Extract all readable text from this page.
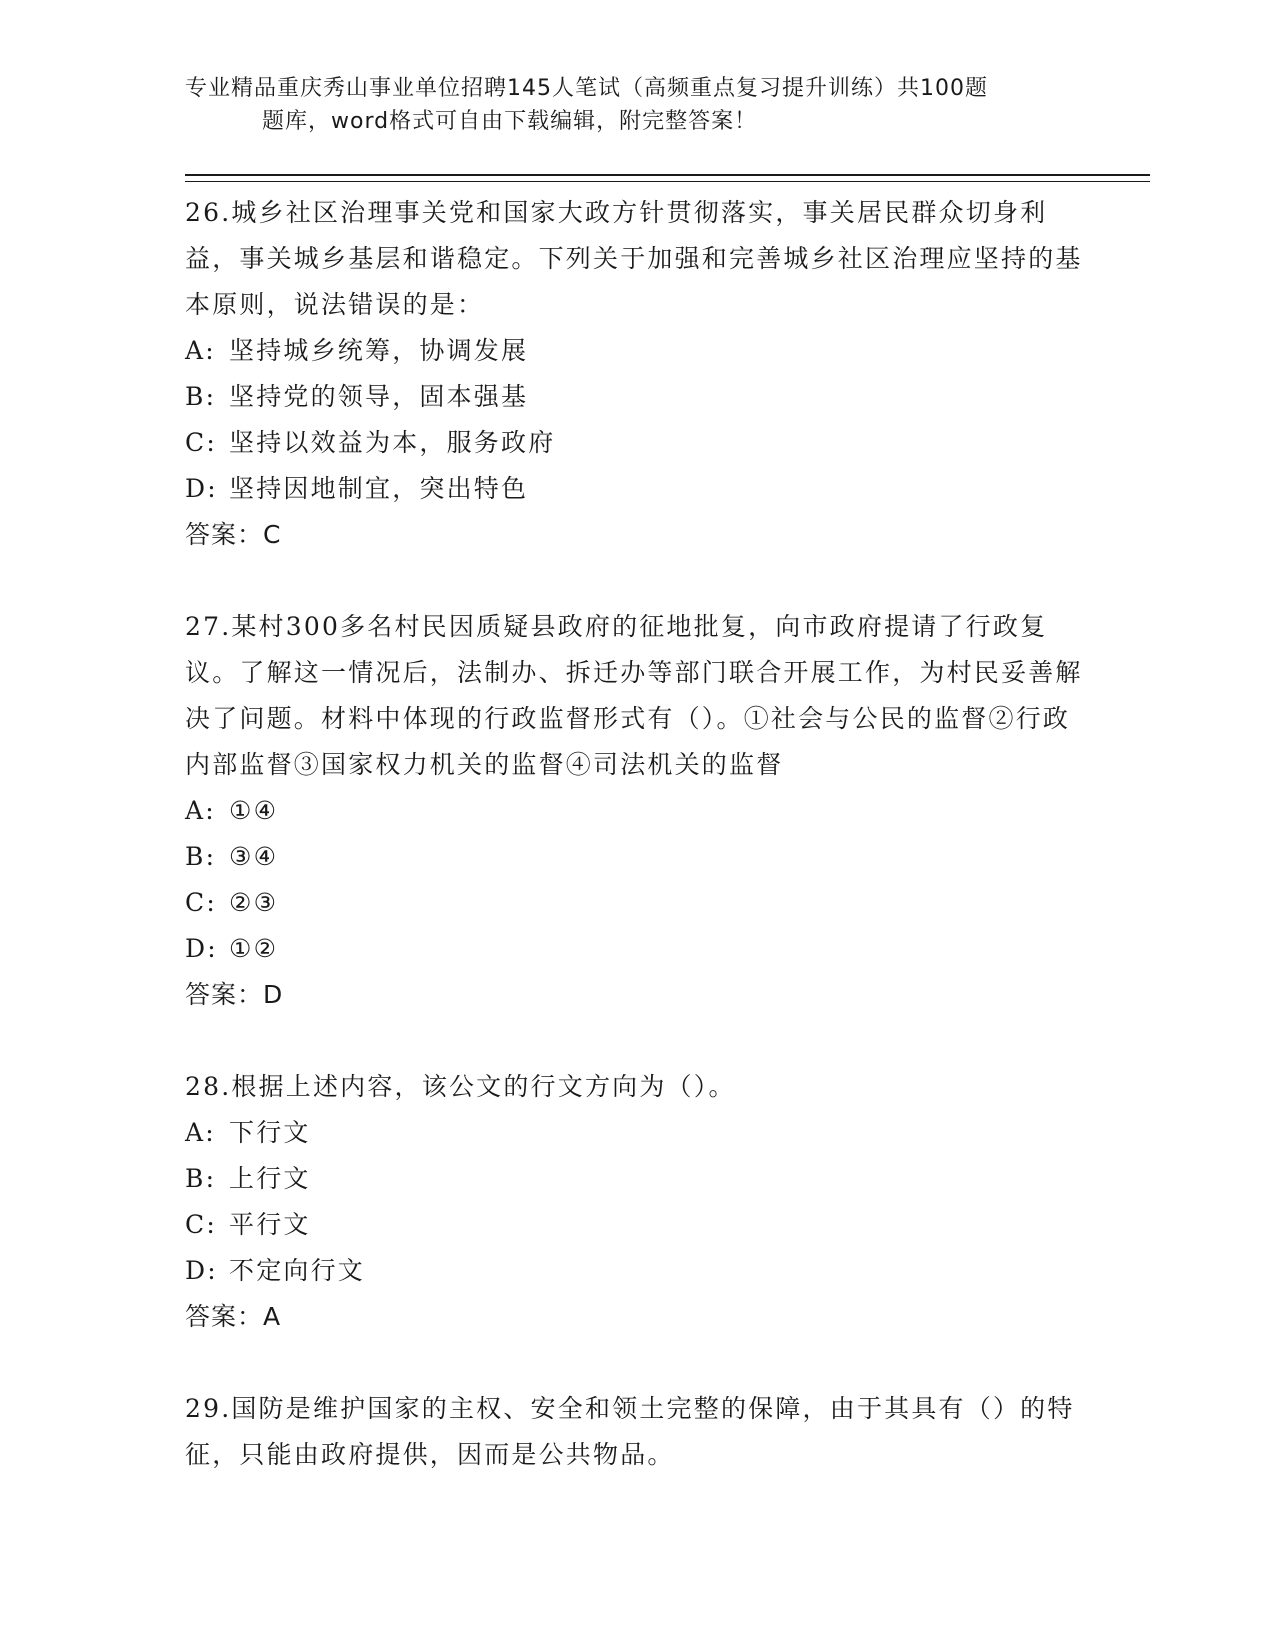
专业精品重庆秀山事业单位招聘145人笔试（高频重点复习提升训练）共100题
题库，word格式可自由下载编辑，附完整答案！

26.城乡社区治理事关党和国家大政方针贯彻落实，事关居民群众切身利益，事关城乡基层和谐稳定。下列关于加强和完善城乡社区治理应坚持的基本原则，说法错误的是：

A: 坚持城乡统筹，协调发展

B: 坚持党的领导，固本强基

C: 坚持以效益为本，服务政府

D: 坚持因地制宜，突出特色

答案：C

27.某村300多名村民因质疑县政府的征地批复，向市政府提请了行政复议。了解这一情况后，法制办、拆迁办等部门联合开展工作，为村民妥善解决了问题。材料中体现的行政监督形式有（）。①社会与公民的监督②行政内部监督③国家权力机关的监督④司法机关的监督

A: ①④

B: ③④

C: ②③

D: ①②

答案：D

28.根据上述内容，该公文的行文方向为（）。

A: 下行文

B: 上行文

C: 平行文

D: 不定向行文

答案：A

29.国防是维护国家的主权、安全和领土完整的保障，由于其具有（）的特征，只能由政府提供，因而是公共物品。
